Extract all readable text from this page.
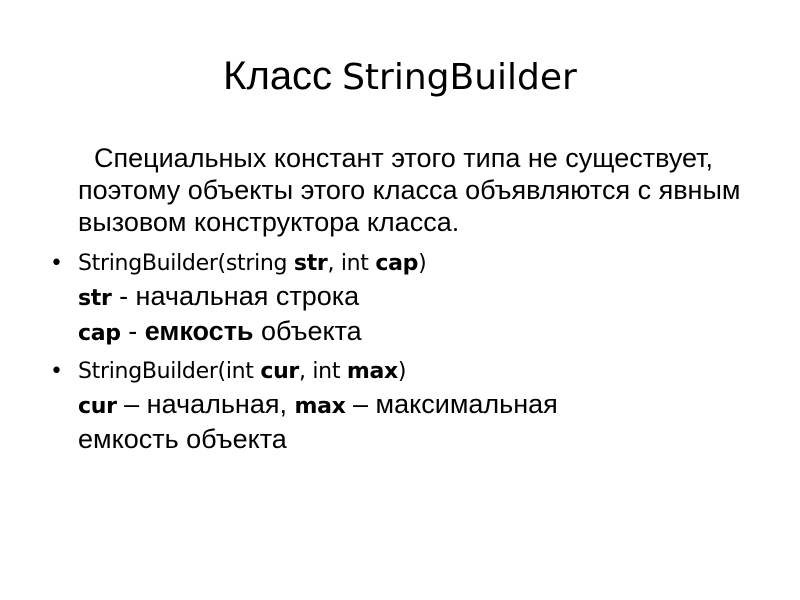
Класс StringBuilder

Специальных констант этого типа не существует, поэтому объекты этого класса объявляются с явным вызовом конструктора класса.

• StringBuilder(string str, int cap)
str - начальная строка
cap - емкость объекта
• StringBuilder(int cur, int max)
cur – начальная, max – максимальная
емкость объекта
